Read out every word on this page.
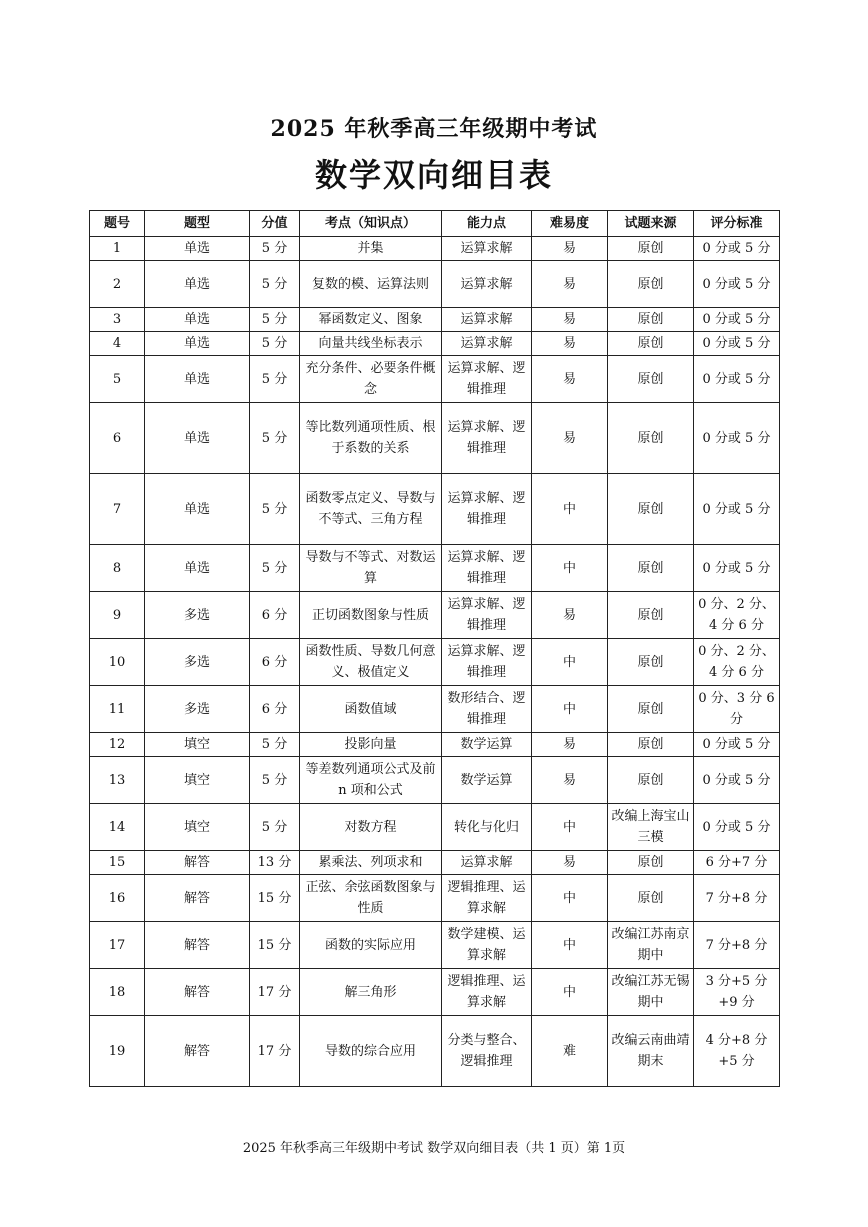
2025 年秋季高三年级期中考试
数学双向细目表
题号	题型	分值	考点（知识点）	能力点	难易度	试题来源	评分标准
1	单选	5 分	并集	运算求解	易	原创	0 分或 5 分
2	单选	5 分	复数的模、运算法则	运算求解	易	原创	0 分或 5 分
3	单选	5 分	幂函数定义、图象	运算求解	易	原创	0 分或 5 分
4	单选	5 分	向量共线坐标表示	运算求解	易	原创	0 分或 5 分
5	单选	5 分	充分条件、必要条件概念	运算求解、逻辑推理	易	原创	0 分或 5 分
6	单选	5 分	等比数列通项性质、根于系数的关系	运算求解、逻辑推理	易	原创	0 分或 5 分
7	单选	5 分	函数零点定义、导数与不等式、三角方程	运算求解、逻辑推理	中	原创	0 分或 5 分
8	单选	5 分	导数与不等式、对数运算	运算求解、逻辑推理	中	原创	0 分或 5 分
9	多选	6 分	正切函数图象与性质	运算求解、逻辑推理	易	原创	0 分、2 分、4 分 6 分
10	多选	6 分	函数性质、导数几何意义、极值定义	运算求解、逻辑推理	中	原创	0 分、2 分、4 分 6 分
11	多选	6 分	函数值域	数形结合、逻辑推理	中	原创	0 分、3 分 6 分
12	填空	5 分	投影向量	数学运算	易	原创	0 分或 5 分
13	填空	5 分	等差数列通项公式及前 n 项和公式	数学运算	易	原创	0 分或 5 分
14	填空	5 分	对数方程	转化与化归	中	改编上海宝山三模	0 分或 5 分
15	解答	13 分	累乘法、列项求和	运算求解	易	原创	6 分+7 分
16	解答	15 分	正弦、余弦函数图象与性质	逻辑推理、运算求解	中	原创	7 分+8 分
17	解答	15 分	函数的实际应用	数学建模、运算求解	中	改编江苏南京期中	7 分+8 分
18	解答	17 分	解三角形	逻辑推理、运算求解	中	改编江苏无锡期中	3 分+5 分+9 分
19	解答	17 分	导数的综合应用	分类与整合、逻辑推理	难	改编云南曲靖期末	4 分+8 分+5 分
2025 年秋季高三年级期中考试 数学双向细目表（共 1 页）第 1页
